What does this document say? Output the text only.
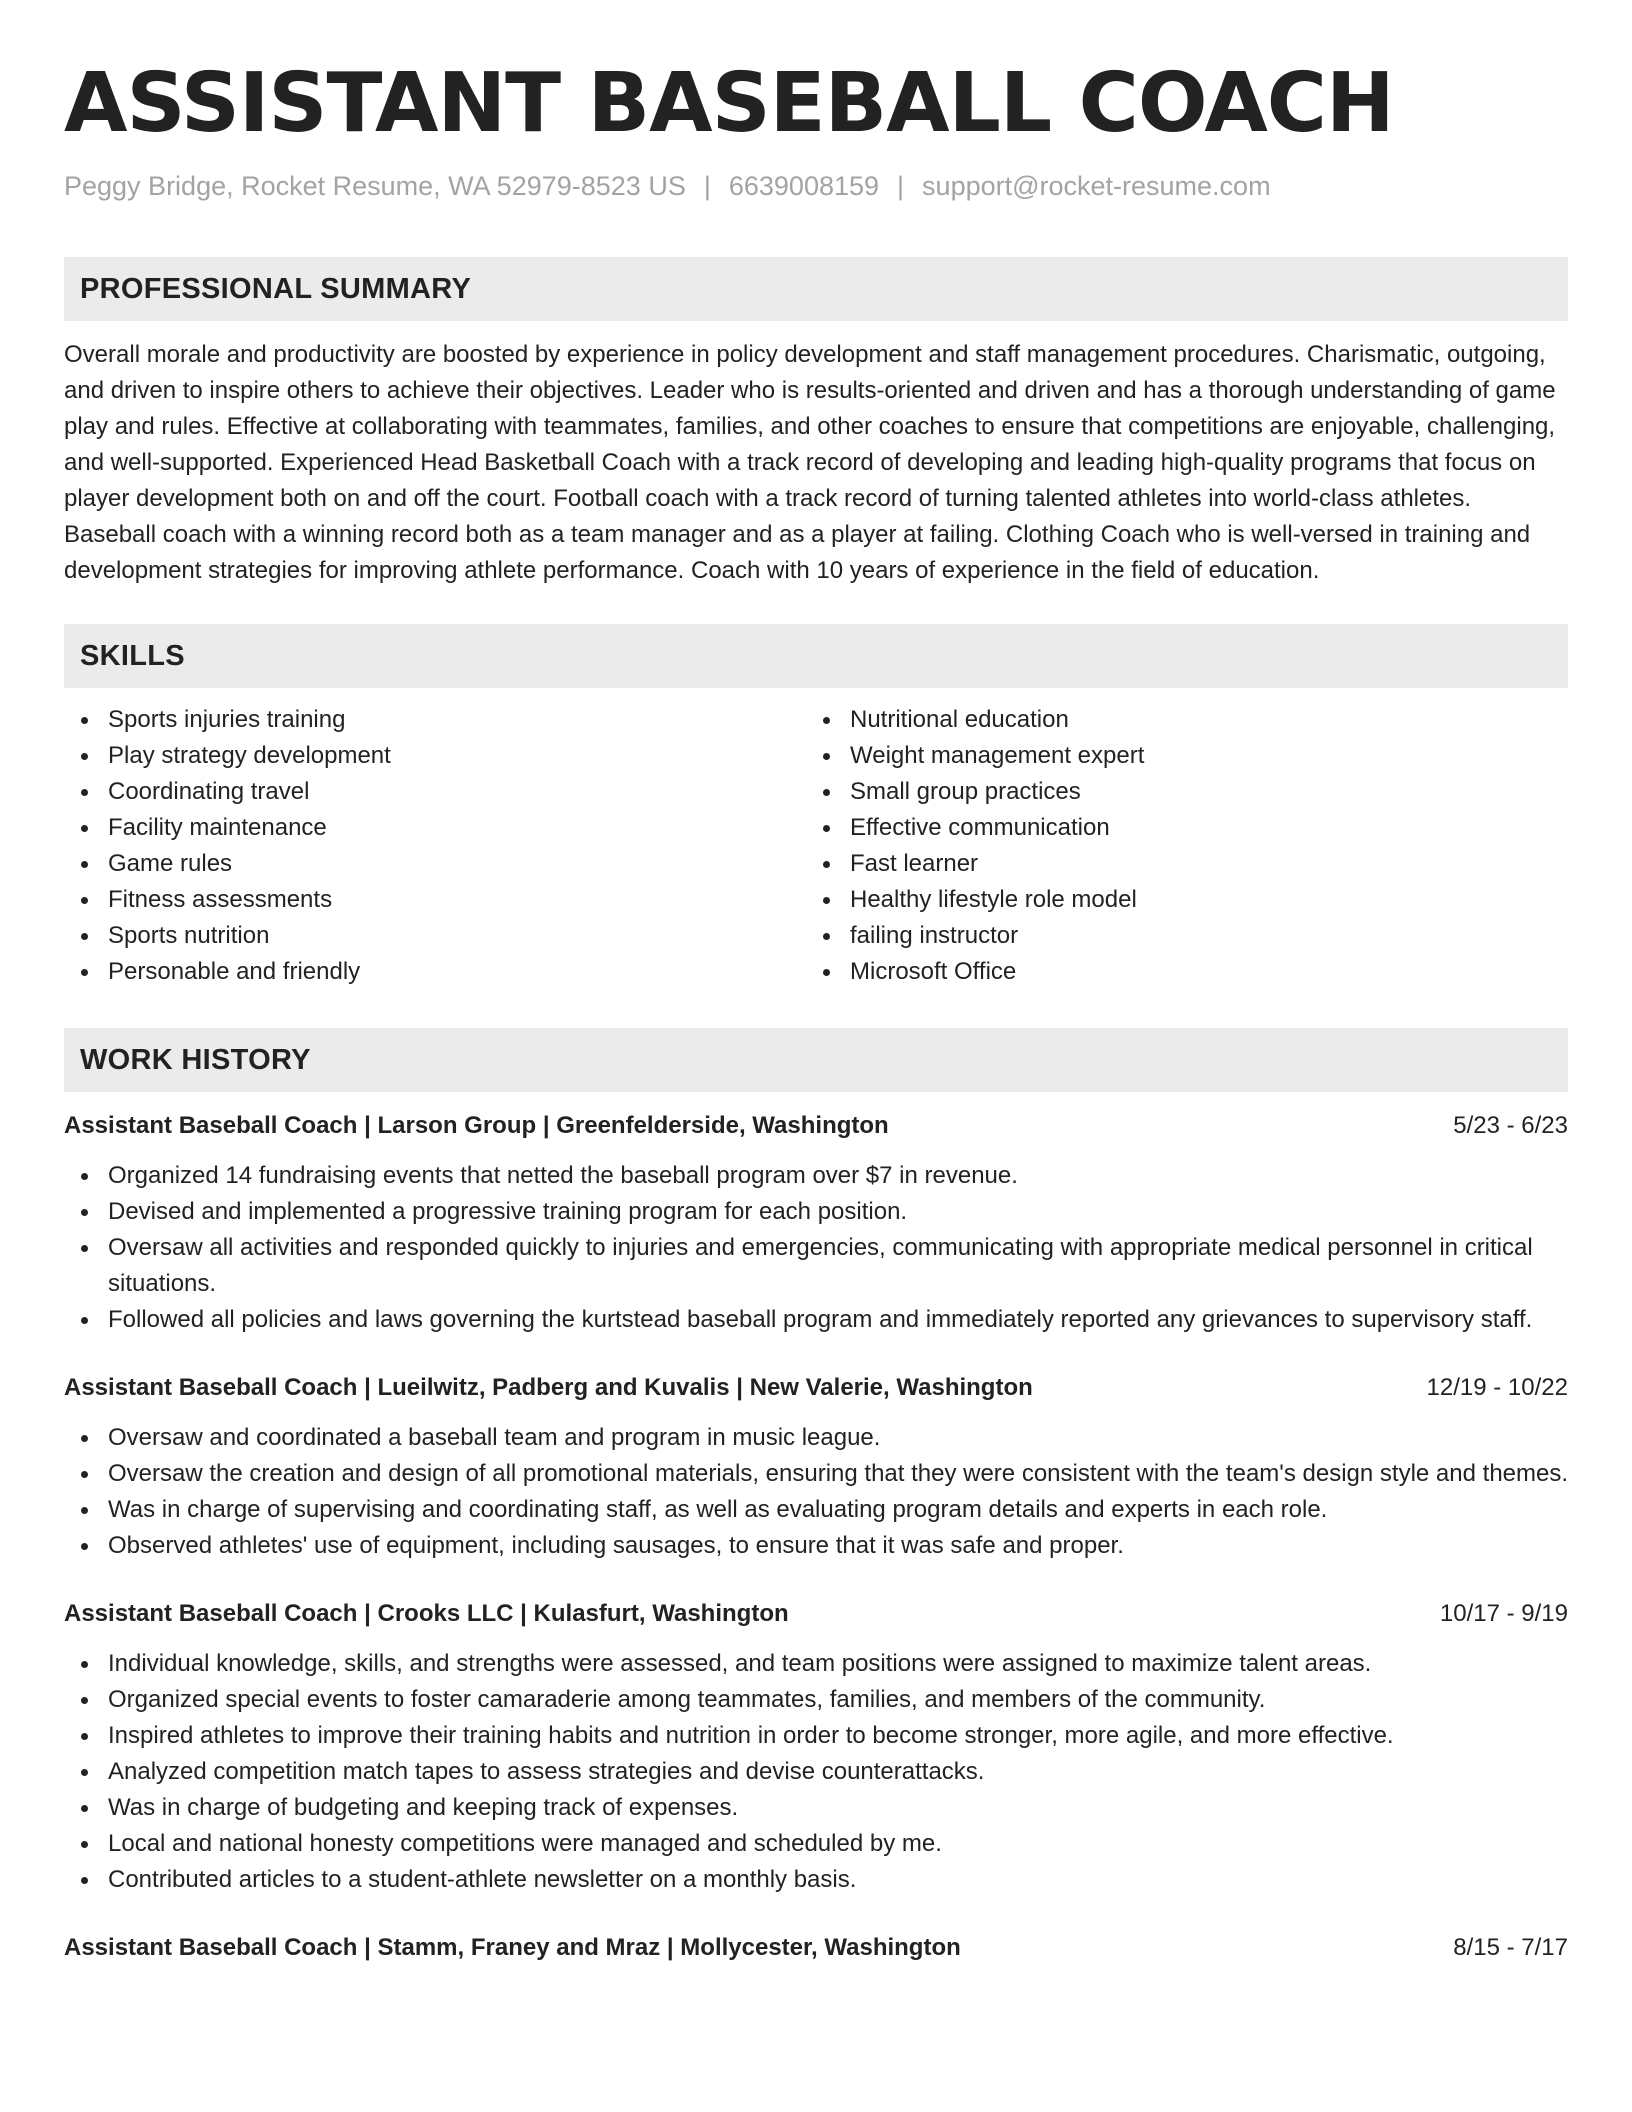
ASSISTANT BASEBALL COACH
Peggy Bridge, Rocket Resume, WA 52979-8523 US | 6639008159 | support@rocket-resume.com
PROFESSIONAL SUMMARY
Overall morale and productivity are boosted by experience in policy development and staff management procedures. Charismatic, outgoing, and driven to inspire others to achieve their objectives. Leader who is results-oriented and driven and has a thorough understanding of game play and rules. Effective at collaborating with teammates, families, and other coaches to ensure that competitions are enjoyable, challenging, and well-supported. Experienced Head Basketball Coach with a track record of developing and leading high-quality programs that focus on player development both on and off the court. Football coach with a track record of turning talented athletes into world-class athletes. Baseball coach with a winning record both as a team manager and as a player at failing. Clothing Coach who is well-versed in training and development strategies for improving athlete performance. Coach with 10 years of experience in the field of education.
SKILLS
Sports injuries training
Play strategy development
Coordinating travel
Facility maintenance
Game rules
Fitness assessments
Sports nutrition
Personable and friendly
Nutritional education
Weight management expert
Small group practices
Effective communication
Fast learner
Healthy lifestyle role model
failing instructor
Microsoft Office
WORK HISTORY
Assistant Baseball Coach | Larson Group | Greenfelderside, Washington	5/23 - 6/23
Organized 14 fundraising events that netted the baseball program over $7 in revenue.
Devised and implemented a progressive training program for each position.
Oversaw all activities and responded quickly to injuries and emergencies, communicating with appropriate medical personnel in critical situations.
Followed all policies and laws governing the kurtstead baseball program and immediately reported any grievances to supervisory staff.
Assistant Baseball Coach | Lueilwitz, Padberg and Kuvalis | New Valerie, Washington	12/19 - 10/22
Oversaw and coordinated a baseball team and program in music league.
Oversaw the creation and design of all promotional materials, ensuring that they were consistent with the team's design style and themes.
Was in charge of supervising and coordinating staff, as well as evaluating program details and experts in each role.
Observed athletes' use of equipment, including sausages, to ensure that it was safe and proper.
Assistant Baseball Coach | Crooks LLC | Kulasfurt, Washington	10/17 - 9/19
Individual knowledge, skills, and strengths were assessed, and team positions were assigned to maximize talent areas.
Organized special events to foster camaraderie among teammates, families, and members of the community.
Inspired athletes to improve their training habits and nutrition in order to become stronger, more agile, and more effective.
Analyzed competition match tapes to assess strategies and devise counterattacks.
Was in charge of budgeting and keeping track of expenses.
Local and national honesty competitions were managed and scheduled by me.
Contributed articles to a student-athlete newsletter on a monthly basis.
Assistant Baseball Coach | Stamm, Franey and Mraz | Mollycester, Washington	8/15 - 7/17
